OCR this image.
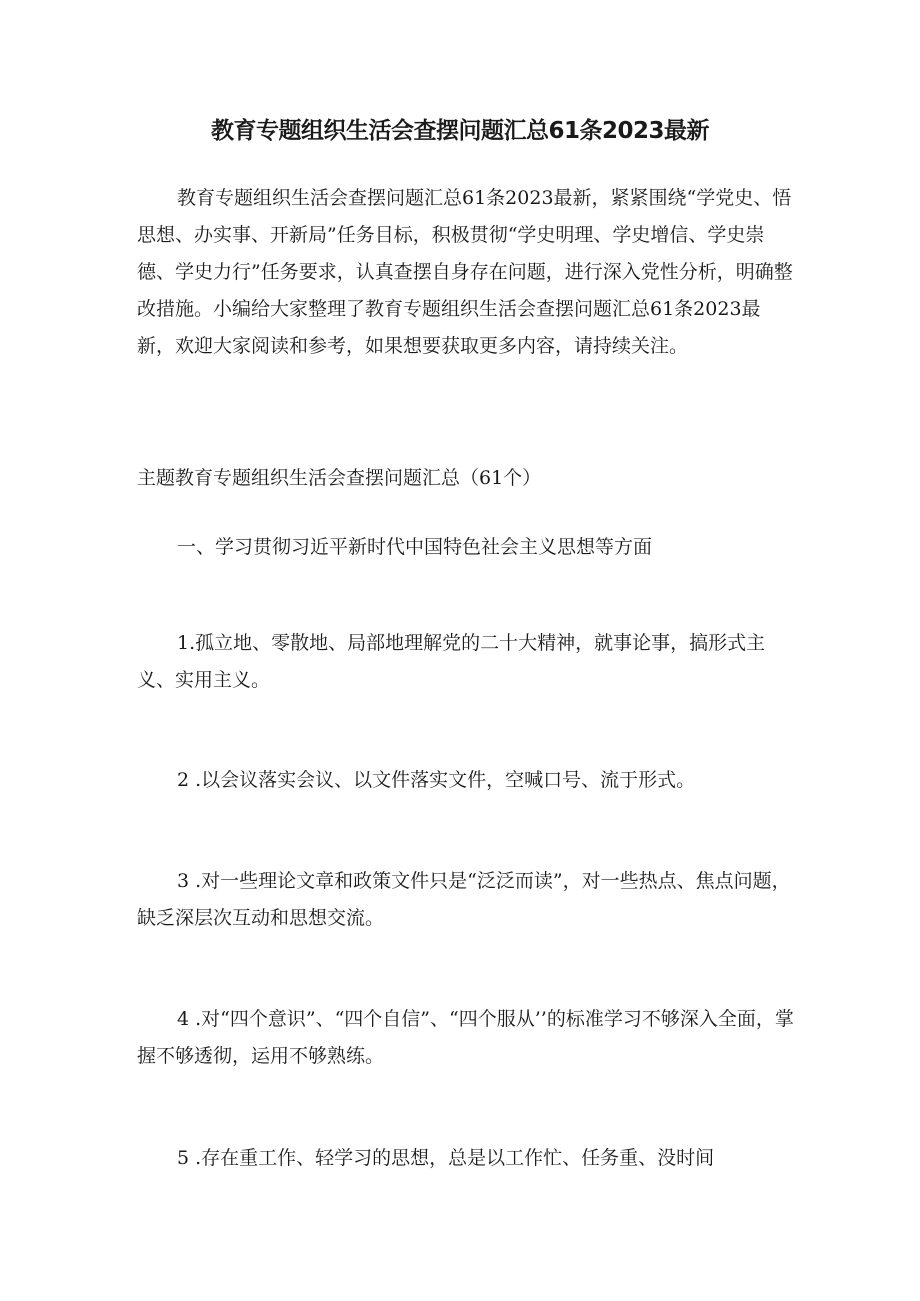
教育专题组织生活会查摆问题汇总61条2023最新

教育专题组织生活会查摆问题汇总61条2023最新，紧紧围绕“学党史、悟思想、办实事、开新局”任务目标，积极贯彻“学史明理、学史增信、学史崇德、学史力行”任务要求，认真查摆自身存在问题，进行深入党性分析，明确整改措施。小编给大家整理了教育专题组织生活会查摆问题汇总61条2023最新，欢迎大家阅读和参考，如果想要获取更多内容，请持续关注。

主题教育专题组织生活会查摆问题汇总（61个）

一、学习贯彻习近平新时代中国特色社会主义思想等方面

1.孤立地、零散地、局部地理解党的二十大精神，就事论事，搞形式主义、实用主义。

2 .以会议落实会议、以文件落实文件，空喊口号、流于形式。

3 .对一些理论文章和政策文件只是“泛泛而读”，对一些热点、焦点问题，缺乏深层次互动和思想交流。

4 .对“四个意识”、“四个自信”、“四个服从’’的标准学习不够深入全面，掌握不够透彻，运用不够熟练。

5 .存在重工作、轻学习的思想，总是以工作忙、任务重、没时间
